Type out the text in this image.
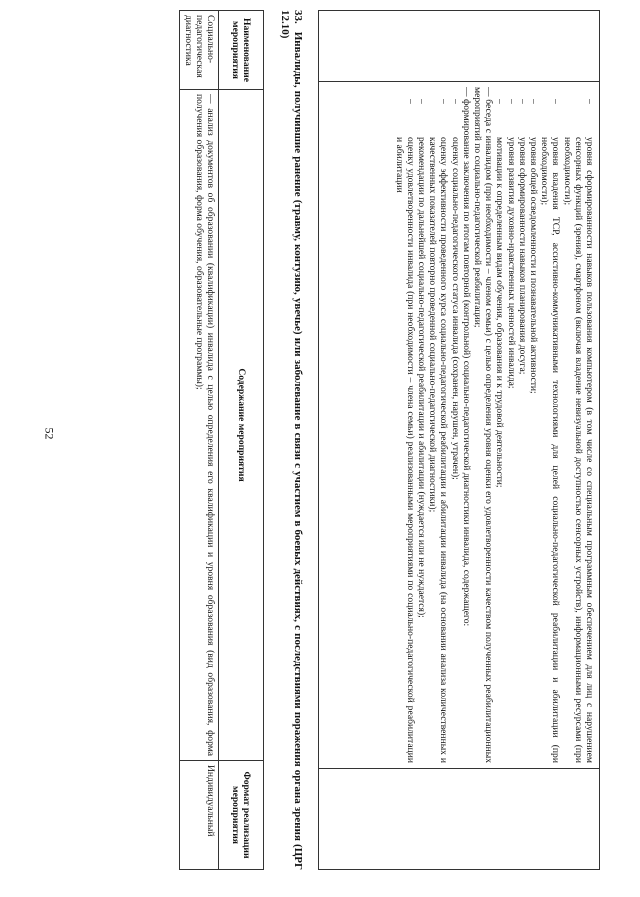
52
–
уровня сформированности навыков пользования компьютером (в том числе со специальным программным обеспечением для лиц с нарушением сенсорных функций (зрения), смартфоном (включая владение невизуальной доступностью сенсорных устройств), информационными ресурсами (при необходимости);
–
уровня владения ТСР, ассистивно-коммуникативными технологиями для целей социально-педагогической реабилитации и абилитации (при необходимости);
–
уровня общей осведомленности и познавательной активности;
–
уровня сформированности навыков планирования досуга;
–
уровня развития духовно-нравственных ценностей инвалида;
–
мотивации к определенным видам обучения, образования и к трудовой деятельности;

— беседа с инвалидом (при необходимости – членом семьи) с целью определения уровня оценки его удовлетворенности качеством полученных реабилитационных мероприятий по социально-педагогической реабилитации;

— формирование заключения по итогам повторной (контрольной) социально-педагогической диагностики инвалида, содержащего:

–
оценку социально-педагогического статуса инвалида (сохранен, нарушен, утрачен);
–
оценку эффективности проведенного курса социально-педагогической реабилитации и абилитации инвалида (на основании анализа количественных и качественных показателей повторно проведенной социально-педагогической диагностики);
–
рекомендации по дальнейшей социально-педагогической реабилитации и абилитации (нуждается или не нуждается);
–
оценку удовлетворенности инвалида (при необходимости – члена семьи) реализованными мероприятиями по социально-педагогической реабилитации и абилитации
33.Инвалиды, получившие ранение (травму, контузию, увечье) или заболевание в связи с участием в боевых действиях, с последствиями поражения органа зрения (ЦРГ 12.10)
Наименование мероприятия	Содержание мероприятия	Формат реализации мероприятия
Социально-педагогическая диагностика	— анализ документов об образовании (квалификации) инвалида с целью определения его квалификации и уровня образования (вид образования, форма получения образования, форма обучения, образовательные программы);	Индивидуальный
